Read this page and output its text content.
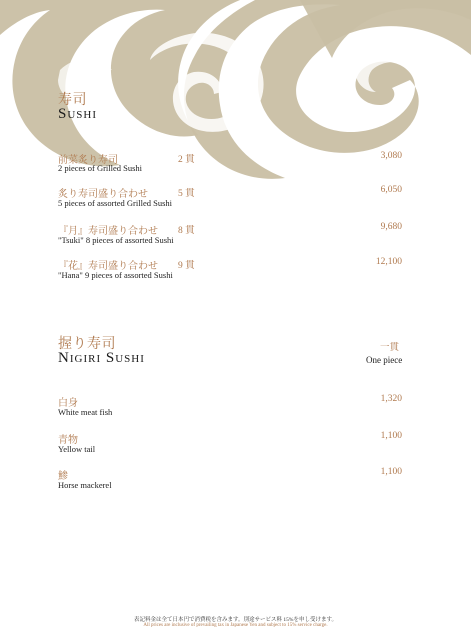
寿司
Sushi
前菜炙り寿司	2 貫	3,080
2 pieces of Grilled Sushi
炙り寿司盛り合わせ	5 貫	6,050
5 pieces of assorted Grilled Sushi
『月』寿司盛り合わせ 8 貫	9,680
"Tsuki" 8 pieces of assorted Sushi
『花』寿司盛り合わせ 9 貫	12,100
"Hana" 9 pieces of assorted Sushi
握り寿司
Nigiri Sushi
一貫
One piece
白身	1,320
White meat fish
青物	1,100
Yellow tail
鯵	1,100
Horse mackerel
表記料金は全て日本円で消費税を含みます。別途サービス料 15%を申し受けます。
All prices are inclusive of prevailing tax in Japanese Yen and subject to 15% service charge.
